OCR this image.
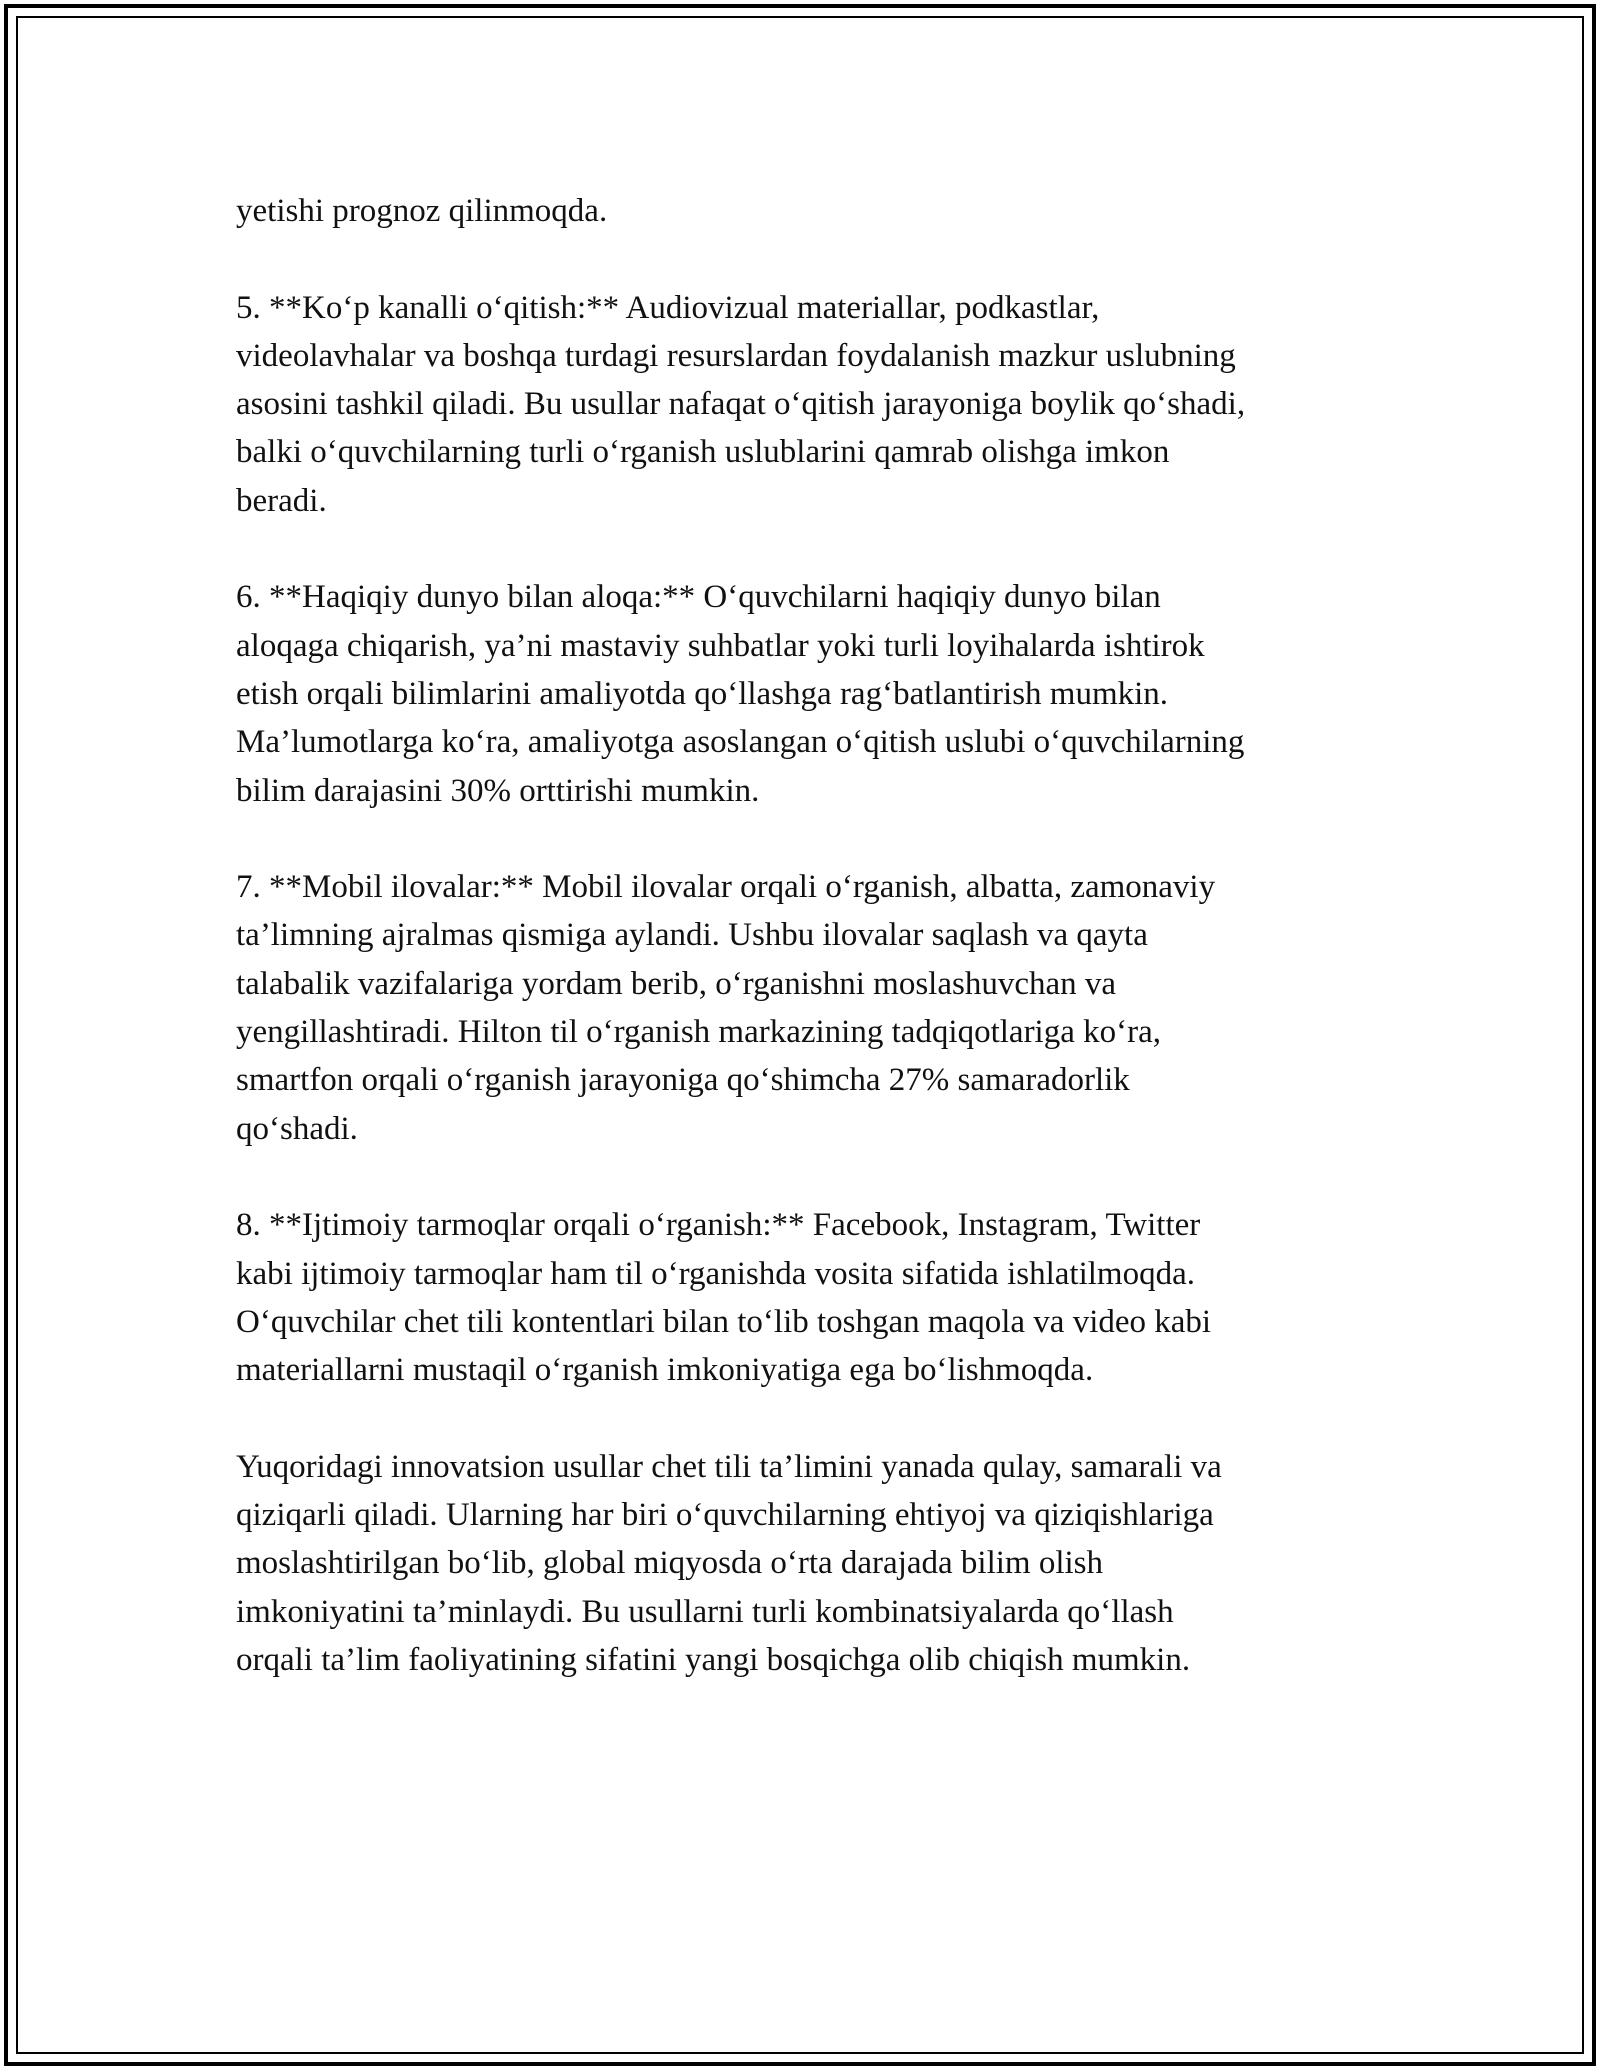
yetishi prognoz qilinmoqda.

5. **Ko‘p kanalli o‘qitish:** Audiovizual materiallar, podkastlar,
videolavhalar va boshqa turdagi resurslardan foydalanish mazkur uslubning
asosini tashkil qiladi. Bu usullar nafaqat o‘qitish jarayoniga boylik qo‘shadi,
balki o‘quvchilarning turli o‘rganish uslublarini qamrab olishga imkon
beradi.

6. **Haqiqiy dunyo bilan aloqa:** O‘quvchilarni haqiqiy dunyo bilan
aloqaga chiqarish, ya’ni mastaviy suhbatlar yoki turli loyihalarda ishtirok
etish orqali bilimlarini amaliyotda qo‘llashga rag‘batlantirish mumkin.
Ma’lumotlarga ko‘ra, amaliyotga asoslangan o‘qitish uslubi o‘quvchilarning
bilim darajasini 30% orttirishi mumkin.

7. **Mobil ilovalar:** Mobil ilovalar orqali o‘rganish, albatta, zamonaviy
ta’limning ajralmas qismiga aylandi. Ushbu ilovalar saqlash va qayta
talabalik vazifalariga yordam berib, o‘rganishni moslashuvchan va
yengillashtiradi. Hilton til o‘rganish markazining tadqiqotlariga ko‘ra,
smartfon orqali o‘rganish jarayoniga qo‘shimcha 27% samaradorlik
qo‘shadi.

8. **Ijtimoiy tarmoqlar orqali o‘rganish:** Facebook, Instagram, Twitter
kabi ijtimoiy tarmoqlar ham til o‘rganishda vosita sifatida ishlatilmoqda.
O‘quvchilar chet tili kontentlari bilan to‘lib toshgan maqola va video kabi
materiallarni mustaqil o‘rganish imkoniyatiga ega bo‘lishmoqda.

Yuqoridagi innovatsion usullar chet tili ta’limini yanada qulay, samarali va
qiziqarli qiladi. Ularning har biri o‘quvchilarning ehtiyoj va qiziqishlariga
moslashtirilgan bo‘lib, global miqyosda o‘rta darajada bilim olish
imkoniyatini ta’minlaydi. Bu usullarni turli kombinatsiyalarda qo‘llash
orqali ta’lim faoliyatining sifatini yangi bosqichga olib chiqish mumkin.
